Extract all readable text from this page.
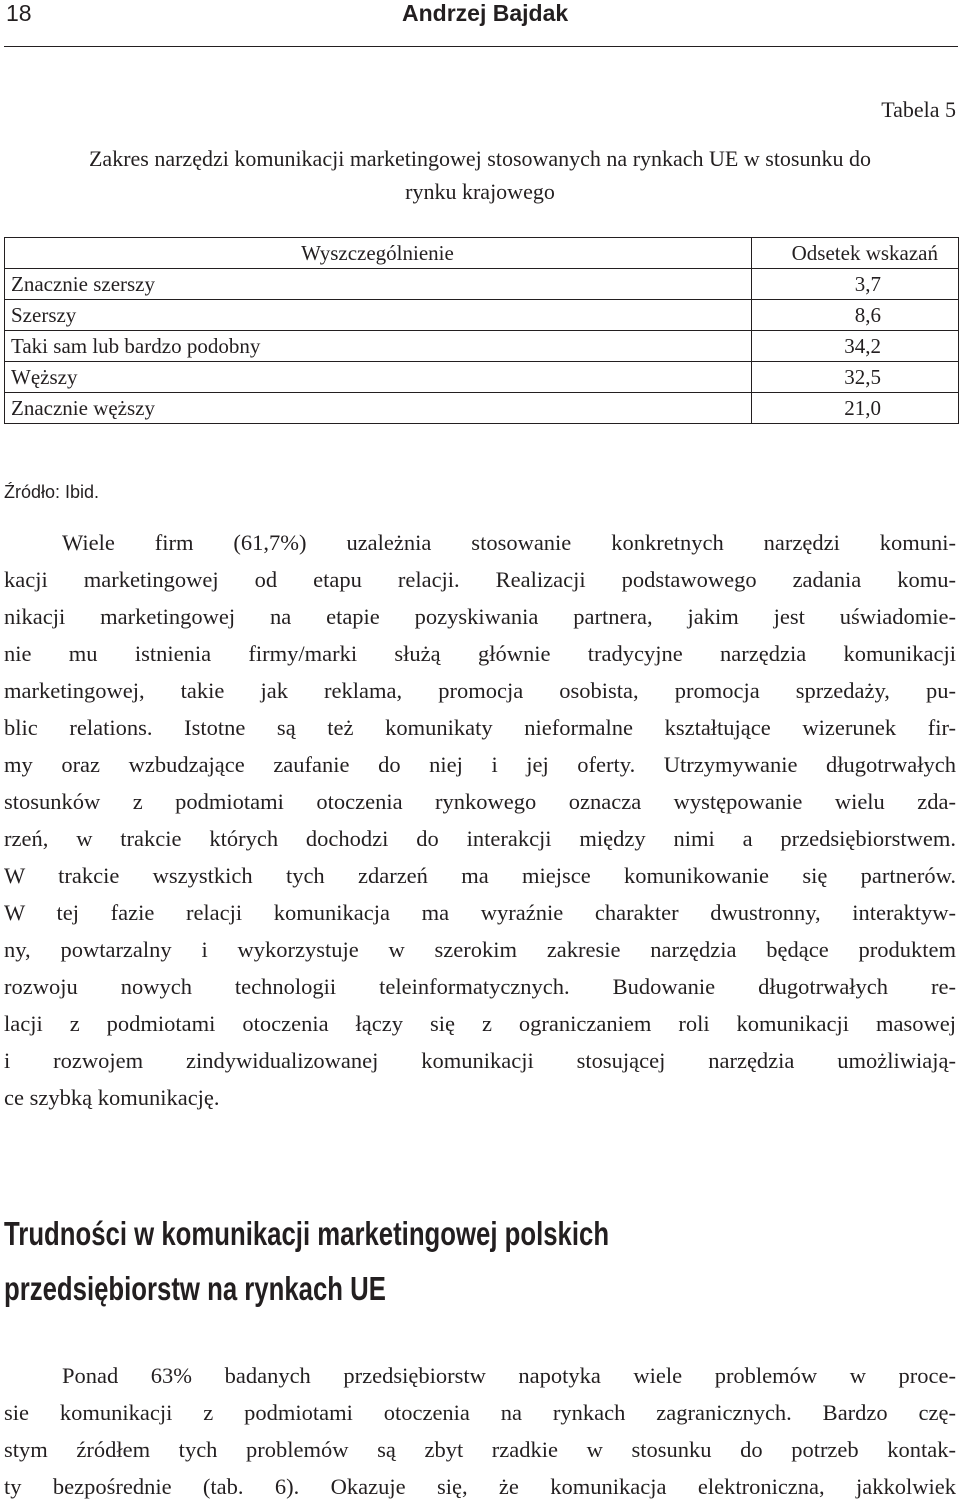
18	Andrzej Bajdak
Tabela 5
Zakres narzędzi komunikacji marketingowej stosowanych na rynkach UE w stosunku do
rynku krajowego
Wyszczególnienie	Odsetek wskazań
Znacznie szerszy	3,7
Szerszy	8,6
Taki sam lub bardzo podobny	34,2
Węższy	32,5
Znacznie węższy	21,0
Źródło: Ibid.
Wiele firm (61,7%) uzależnia stosowanie konkretnych narzędzi komuni-
kacji marketingowej od etapu relacji. Realizacji podstawowego zadania komu-
nikacji marketingowej na etapie pozyskiwania partnera, jakim jest uświadomie-
nie mu istnienia firmy/marki służą głównie tradycyjne narzędzia komunikacji
marketingowej, takie jak reklama, promocja osobista, promocja sprzedaży, pu-
blic relations. Istotne są też komunikaty nieformalne kształtujące wizerunek fir-
my oraz wzbudzające zaufanie do niej i jej oferty. Utrzymywanie długotrwałych
stosunków z podmiotami otoczenia rynkowego oznacza występowanie wielu zda-
rzeń, w trakcie których dochodzi do interakcji między nimi a przedsiębiorstwem.
W trakcie wszystkich tych zdarzeń ma miejsce komunikowanie się partnerów.
W tej fazie relacji komunikacja ma wyraźnie charakter dwustronny, interaktyw-
ny, powtarzalny i wykorzystuje w szerokim zakresie narzędzia będące produktem
rozwoju nowych technologii teleinformatycznych. Budowanie długotrwałych re-
lacji z podmiotami otoczenia łączy się z ograniczaniem roli komunikacji masowej
i rozwojem zindywidualizowanej komunikacji stosującej narzędzia umożliwiają-
ce szybką komunikację.
Trudności w komunikacji marketingowej polskich
przedsiębiorstw na rynkach UE
Ponad 63% badanych przedsiębiorstw napotyka wiele problemów w proce-
sie komunikacji z podmiotami otoczenia na rynkach zagranicznych. Bardzo czę-
stym źródłem tych problemów są zbyt rzadkie w stosunku do potrzeb kontak-
ty bezpośrednie (tab. 6). Okazuje się, że komunikacja elektroniczna, jakkolwiek
